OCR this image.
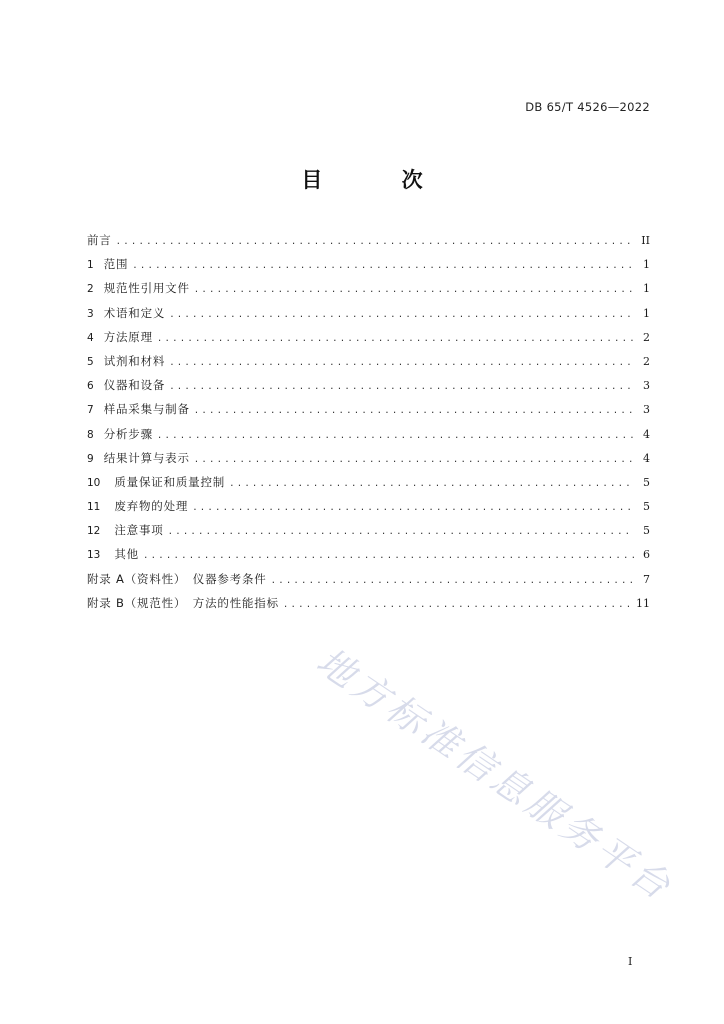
DB 65/T 4526—2022
目 次
前言 .....	II
1 范围 .....	1
2 规范性引用文件 .....	1
3 术语和定义 .....	1
4 方法原理 .....	2
5 试剂和材料 .....	2
6 仪器和设备 .....	3
7 样品采集与制备 .....	3
8 分析步骤 .....	4
9 结果计算与表示 .....	4
10	质量保证和质量控制 .....	5
11	废弃物的处理 .....	5
12	注意事项 .....	5
13	其他 .....	6
附录 A（资料性）　仪器参考条件 .....	7
附录 B（规范性）　方法的性能指标 .....	11
地方标准信息服务平台
I
